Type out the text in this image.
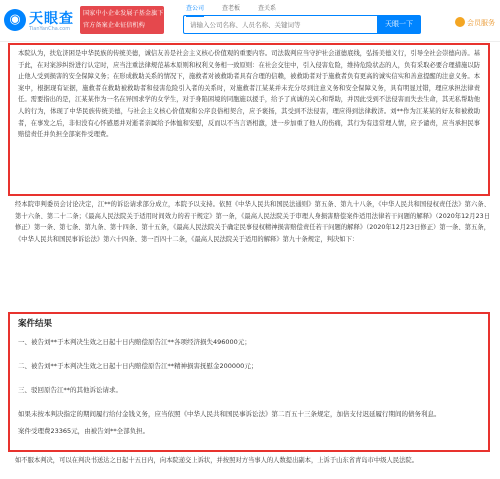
◉ 天眼查
TianYanCha.com
国家中小企业发展子基金旗下
官方备案企业征信机构
查公司	查老板	查关系
请输入公司名称、人员名称、关键词等
天眼一下	会员服务

本院认为，扶危济困是中华民族的传统美德，诚信友善是社会主义核心价值观的重要内容。司法裁判应当守护社会道德底线，弘扬美德义行，引导全社会崇德向善。基于此，在对案涉纠纷进行认定时，应当注重法律规范基本原则和权利义务相一致原则：在社会交往中，引入侵害危险，维持危险状态的人，负有采取必要合理措施以防止他人受到损害的安全保障义务；在形成救助关系的情况下，施救者对被救助者具有合理的信赖，被救助者对于施救者负有更高的诚实信实和善意提醒的注意义务。本案中，根据现有证据，施救者在救助被救助者和侵害危险引入者的关系时，对施救者江某某并未充分尽到注意义务和安全保障义务，具有明显过错，理应承担法律责任。需要指出的是，江某某作为一名在异国求学的女学生，对于身陷困境的同胞施以援手，给予了真诚的关心和帮助，并因此受到不法侵害而失去生命，其无私帮助他人的行为，体现了中华民族传统美德，与社会主义核心价值观和公序良俗相契合，应予褒扬，其受到不法侵害，理应得到法律救济。刘**作为江某某的好友和被救助者，在事发之后，非但没有心怀感恩并对逝者亲属给予体恤和安慰，反而以不当言语相激，进一步加重了他人的伤痛，其行为有违常理人情，应予谴责，应当承担民事赔偿责任并负担全部案件受理费。

经本院审判委员会讨论决定，江**的诉讼请求部分成立，本院予以支持。依照《中华人民共和国民法通则》第五条、第九十八条，《中华人民共和国侵权责任法》第六条、第十六条、第二十二条；《最高人民法院关于适用时间效力的若干规定》第一条，《最高人民法院关于审理人身损害赔偿案件适用法律若干问题的解释》（2020年12月23日修正）第一条、第七条、第九条、第十四条、第十五条，《最高人民法院关于确定民事侵权精神损害赔偿责任若干问题的解释》（2020年12月23日修正）第一条、第五条，《中华人民共和国民事诉讼法》第六十四条、第一百四十二条，《最高人民法院关于适用的解释》第九十条规定，判决如下：

案件结果
一、被告刘**于本判决生效之日起十日内赔偿原告江**各项经济损失496000元；
二、被告刘**于本判决生效之日起十日内赔偿原告江**精神损害抚慰金200000元；
三、驳回原告江**的其他诉讼请求。
如果未按本判决指定的期间履行给付金钱义务，应当依照《中华人民共和国民事诉讼法》第二百五十三条规定，加倍支付迟延履行期间的债务利息。
案件受理费23365元，由被告刘**全部负担。

如不服本判决，可以在判决书送达之日起十五日内，向本院递交上诉状，并按照对方当事人的人数提出副本，上诉于山东省青岛市中级人民法院。
